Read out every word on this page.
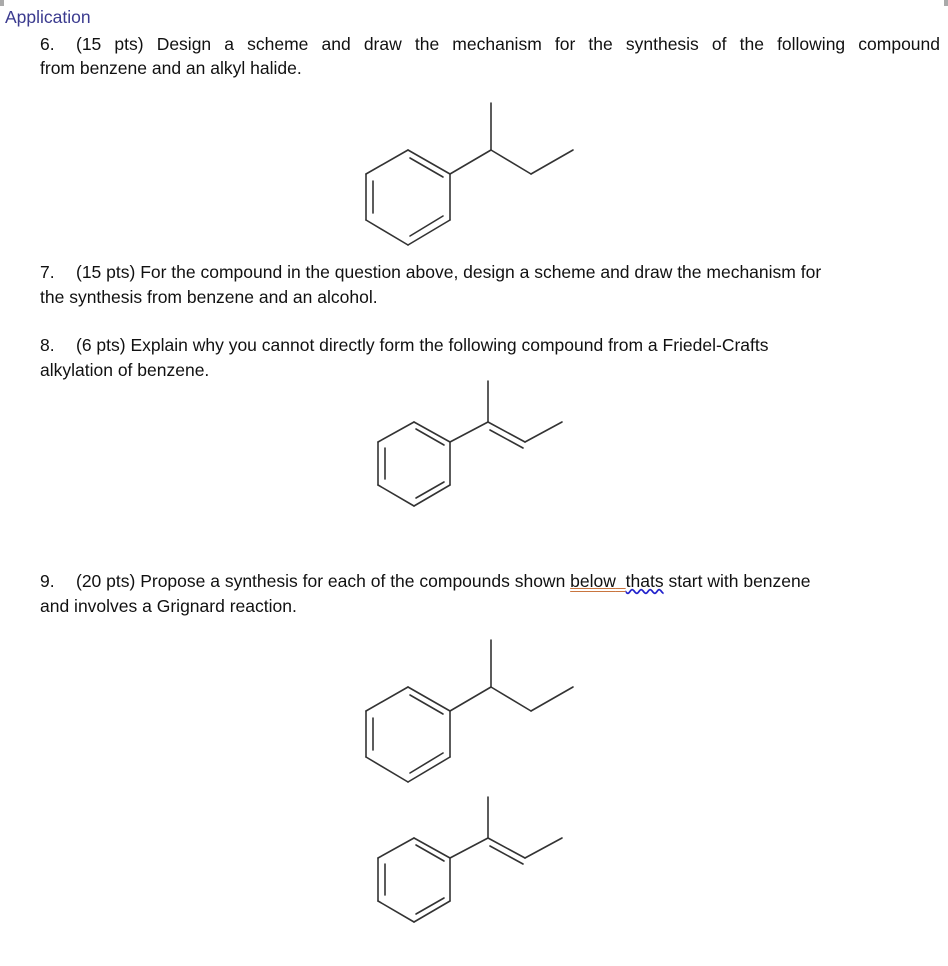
Application
6. (15 pts) Design a scheme and draw the mechanism for the synthesis of the following compound
from benzene and an alkyl halide.
7. (15 pts) For the compound in the question above, design a scheme and draw the mechanism for
the synthesis from benzene and an alcohol.
8. (6 pts) Explain why you cannot directly form the following compound from a Friedel-Crafts
alkylation of benzene.
9. (20 pts) Propose a synthesis for each of the compounds shown below thats start with benzene
and involves a Grignard reaction.
